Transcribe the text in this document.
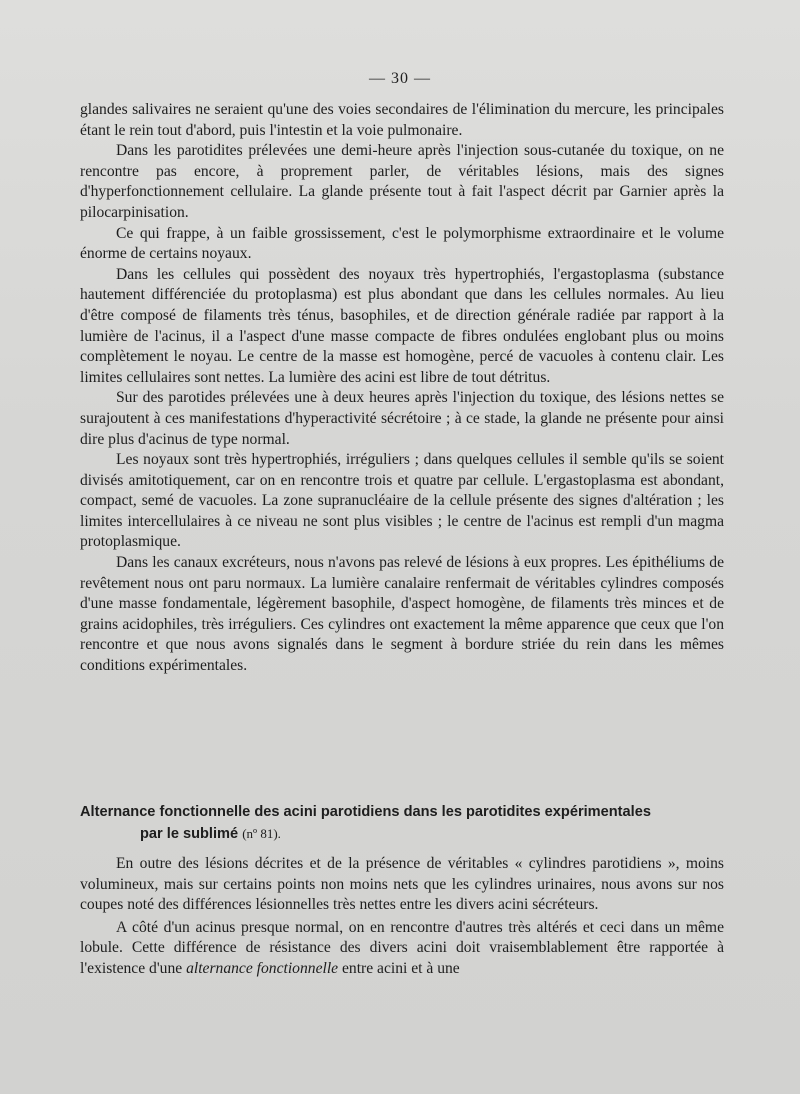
— 30 —

glandes salivaires ne seraient qu'une des voies secondaires de l'élimination du mercure, les principales étant le rein tout d'abord, puis l'intestin et la voie pulmonaire.

Dans les parotidites prélevées une demi-heure après l'injection sous-cutanée du toxique, on ne rencontre pas encore, à proprement parler, de véritables lésions, mais des signes d'hyperfonctionnement cellulaire. La glande présente tout à fait l'aspect décrit par Garnier après la pilocarpinisation.

Ce qui frappe, à un faible grossissement, c'est le polymorphisme extraordinaire et le volume énorme de certains noyaux.

Dans les cellules qui possèdent des noyaux très hypertrophiés, l'ergastoplasma (substance hautement différenciée du protoplasma) est plus abondant que dans les cellules normales. Au lieu d'être composé de filaments très ténus, basophiles, et de direction générale radiée par rapport à la lumière de l'acinus, il a l'aspect d'une masse compacte de fibres ondulées englobant plus ou moins complètement le noyau. Le centre de la masse est homogène, percé de vacuoles à contenu clair. Les limites cellulaires sont nettes. La lumière des acini est libre de tout détritus.

Sur des parotides prélevées une à deux heures après l'injection du toxique, des lésions nettes se surajoutent à ces manifestations d'hyperactivité sécrétoire ; à ce stade, la glande ne présente pour ainsi dire plus d'acinus de type normal.

Les noyaux sont très hypertrophiés, irréguliers ; dans quelques cellules il semble qu'ils se soient divisés amitotiquement, car on en rencontre trois et quatre par cellule. L'ergastoplasma est abondant, compact, semé de vacuoles. La zone supranucléaire de la cellule présente des signes d'altération ; les limites intercellulaires à ce niveau ne sont plus visibles ; le centre de l'acinus est rempli d'un magma protoplasmique.

Dans les canaux excréteurs, nous n'avons pas relevé de lésions à eux propres. Les épithéliums de revêtement nous ont paru normaux. La lumière canalaire renfermait de véritables cylindres composés d'une masse fondamentale, légèrement basophile, d'aspect homogène, de filaments très minces et de grains acidophiles, très irréguliers. Ces cylindres ont exactement la même apparence que ceux que l'on rencontre et que nous avons signalés dans le segment à bordure striée du rein dans les mêmes conditions expérimentales.

Alternance fonctionnelle des acini parotidiens dans les parotidites expérimentales
par le sublimé (nº 81).

En outre des lésions décrites et de la présence de véritables « cylindres parotidiens », moins volumineux, mais sur certains points non moins nets que les cylindres urinaires, nous avons sur nos coupes noté des différences lésionnelles très nettes entre les divers acini sécréteurs.

A côté d'un acinus presque normal, on en rencontre d'autres très altérés et ceci dans un même lobule. Cette différence de résistance des divers acini doit vraisemblablement être rapportée à l'existence d'une alternance fonctionnelle entre acini et à une
